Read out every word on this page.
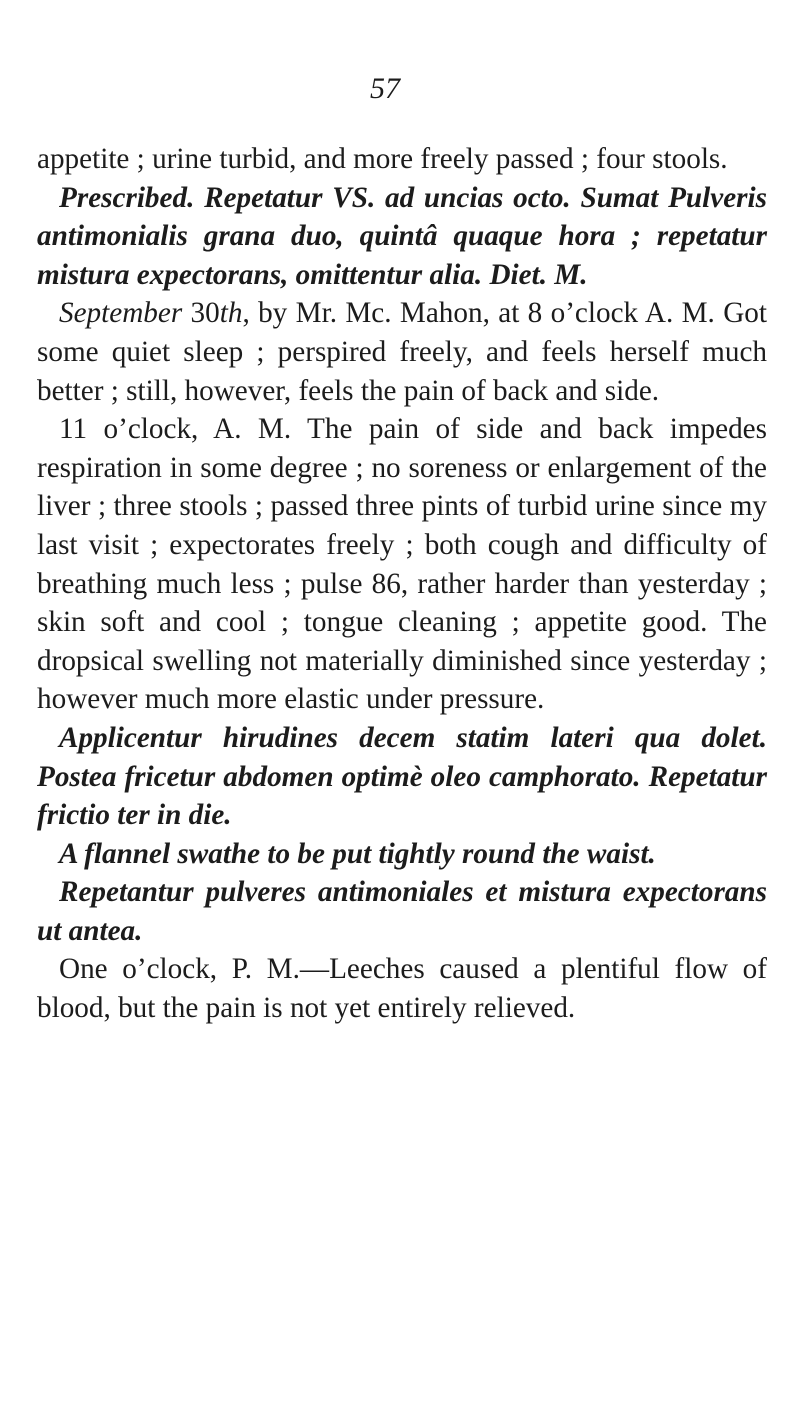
57

appetite ; urine turbid, and more freely passed ; four stools.

Prescribed. Repetatur VS. ad uncias octo. Sumat Pulveris antimonialis grana duo, quintâ quaque hora ; repetatur mistura expectorans, omittentur alia. Diet. M.

September 30th, by Mr. Mc. Mahon, at 8 o’clock A. M. Got some quiet sleep ; perspired freely, and feels herself much better ; still, however, feels the pain of back and side.

11 o’clock, A. M. The pain of side and back impedes respiration in some degree ; no soreness or enlargement of the liver ; three stools ; passed three pints of turbid urine since my last visit ; expectorates freely ; both cough and difficulty of breathing much less ; pulse 86, rather harder than yesterday ; skin soft and cool ; tongue cleaning ; appetite good. The dropsical swelling not materially diminished since yesterday ; however much more elastic under pressure.

Applicentur hirudines decem statim lateri qua dolet. Postea fricetur abdomen optimè oleo camphorato. Repetatur frictio ter in die.

A flannel swathe to be put tightly round the waist.

Repetantur pulveres antimoniales et mistura expectorans ut antea.

One o’clock, P. M.—Leeches caused a plentiful flow of blood, but the pain is not yet entirely relieved.
